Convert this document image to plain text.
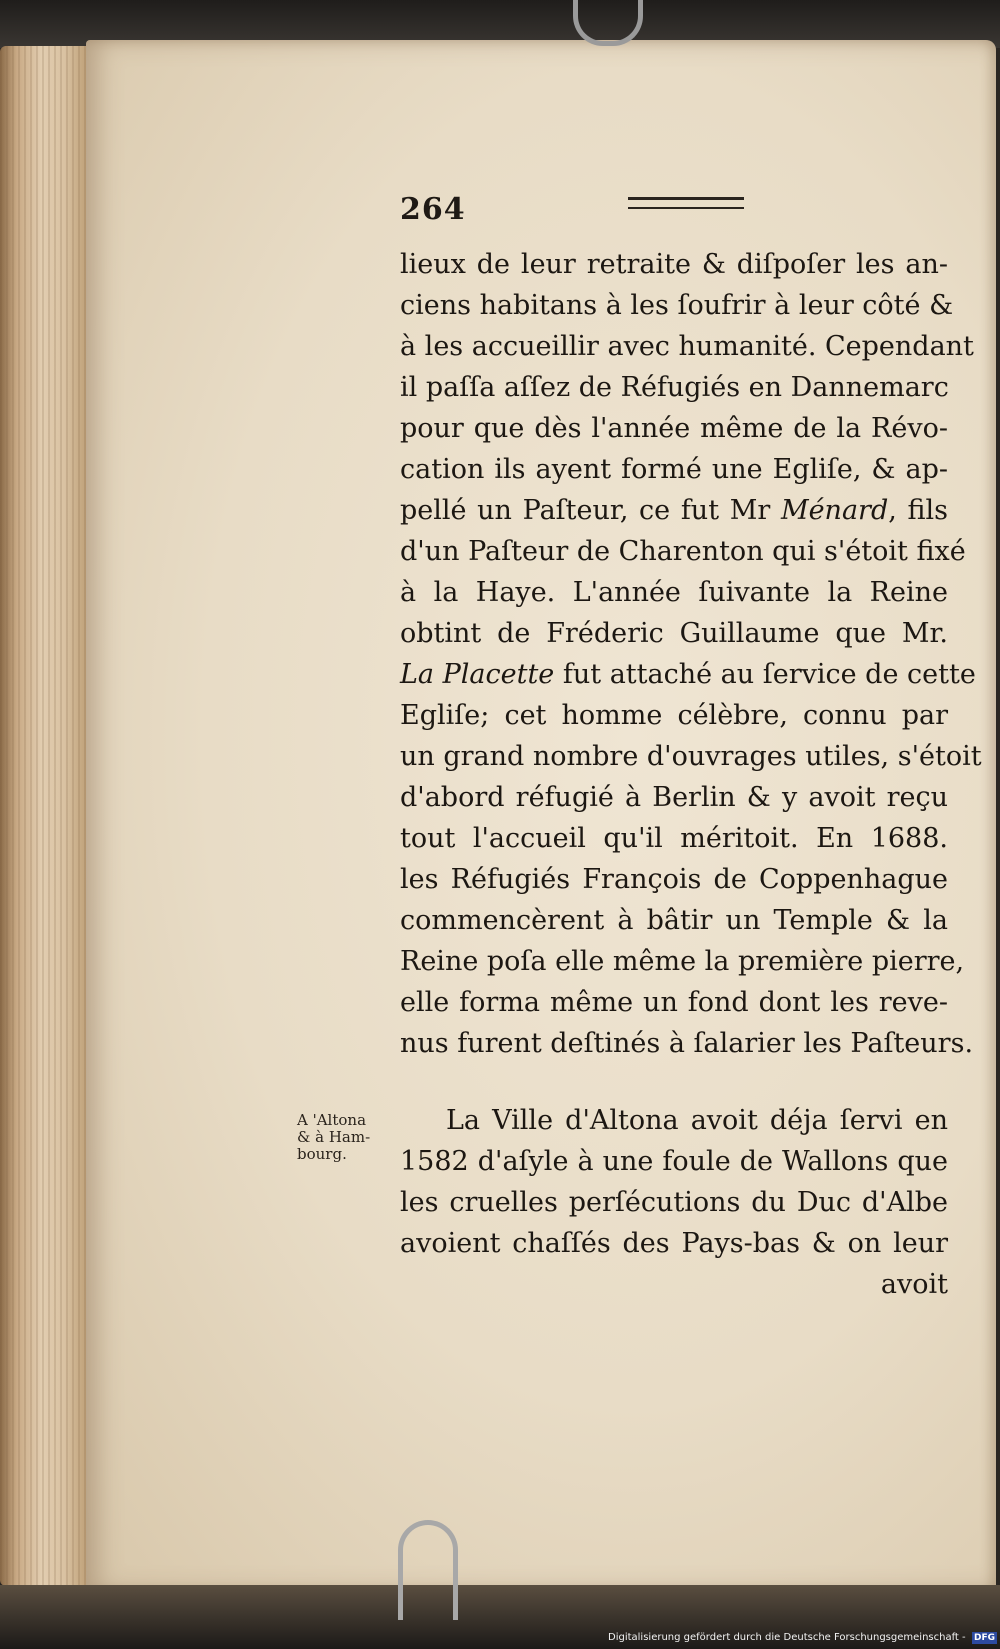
264
lieux de leur retraite & diſpoſer les an-
ciens habitans à les ſoufrir à leur côté &
à les accueillir avec humanité. Cependant
il paſſa aſſez de Réfugiés en Dannemarc
pour que dès l'année même de la Révo-
cation ils ayent formé une Egliſe, & ap-
pellé un Paſteur, ce fut Mr Ménard, fils
d'un Paſteur de Charenton qui s'étoit fixé
à la Haye. L'année ſuivante la Reine
obtint de Fréderic Guillaume que Mr.
La Placette fut attaché au ſervice de cette
Egliſe; cet homme célèbre, connu par
un grand nombre d'ouvrages utiles, s'étoit
d'abord réfugié à Berlin & y avoit reçu
tout l'accueil qu'il méritoit. En 1688.
les Réfugiés François de Coppenhague
commencèrent à bâtir un Temple & la
Reine poſa elle même la première pierre,
elle forma même un fond dont les reve-
nus furent deſtinés à ſalarier les Paſteurs.
La Ville d'Altona avoit déja ſervi en
1582 d'aſyle à une foule de Wallons que
les cruelles perſécutions du Duc d'Albe
avoient chaſſés des Pays-bas & on leur
avoit
A 'Altona
& à Ham-
bourg.
Digitalisierung gefördert durch die Deutsche Forschungsgemeinschaft - DFG
